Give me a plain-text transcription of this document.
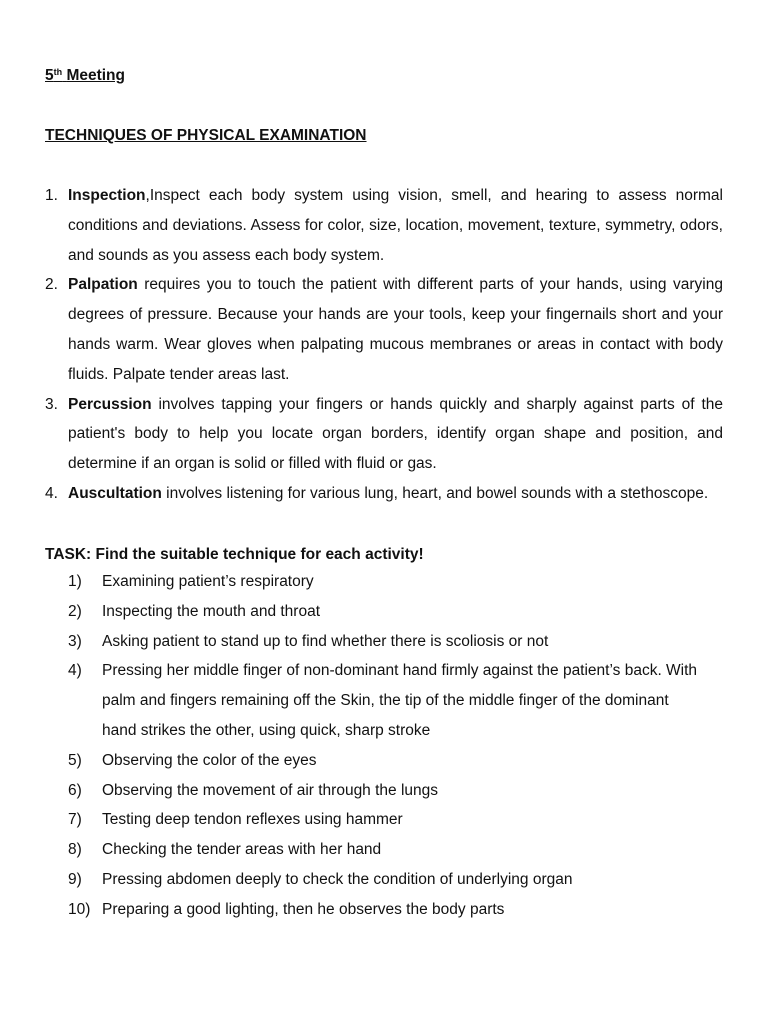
5th Meeting
TECHNIQUES OF PHYSICAL EXAMINATION
1. Inspection,Inspect each body system using vision, smell, and hearing to assess normal conditions and deviations. Assess for color, size, location, movement, texture, symmetry, odors, and sounds as you assess each body system.
2. Palpation requires you to touch the patient with different parts of your hands, using varying degrees of pressure. Because your hands are your tools, keep your fingernails short and your hands warm. Wear gloves when palpating mucous membranes or areas in contact with body fluids. Palpate tender areas last.
3. Percussion involves tapping your fingers or hands quickly and sharply against parts of the patient's body to help you locate organ borders, identify organ shape and position, and determine if an organ is solid or filled with fluid or gas.
4. Auscultation involves listening for various lung, heart, and bowel sounds with a stethoscope.
TASK: Find the suitable technique for each activity!
1) Examining patient’s respiratory
2) Inspecting the mouth and throat
3) Asking patient to stand up to find whether there is scoliosis or not
4) Pressing her middle finger of non-dominant hand firmly against the patient’s back. With palm and fingers remaining off the Skin, the tip of the middle finger of the dominant hand strikes the other, using quick, sharp stroke
5) Observing the color of the eyes
6) Observing the movement of air through the lungs
7) Testing deep tendon reflexes using hammer
8) Checking the tender areas with her hand
9) Pressing abdomen deeply to check the condition of underlying organ
10) Preparing a good lighting, then he observes the body parts
